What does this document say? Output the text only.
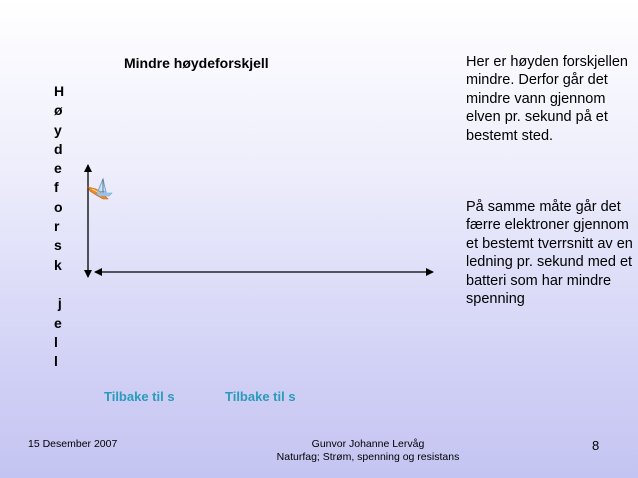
Mindre høydeforskjell
H
ø
y
d
e
f
o
r
s
k
j
e
l
l
Her er høyden forskjellen mindre. Derfor går det mindre vann gjennom elven pr. sekund på et bestemt sted.
På samme måte går det færre elektroner gjennom et bestemt tverrsnitt av en ledning pr. sekund med et batteri som har mindre spenning
Tilbake til s	Tilbake til s
15 Desember 2007	Gunvor Johanne Lervåg
Naturfag; Strøm, spenning og resistans
8
